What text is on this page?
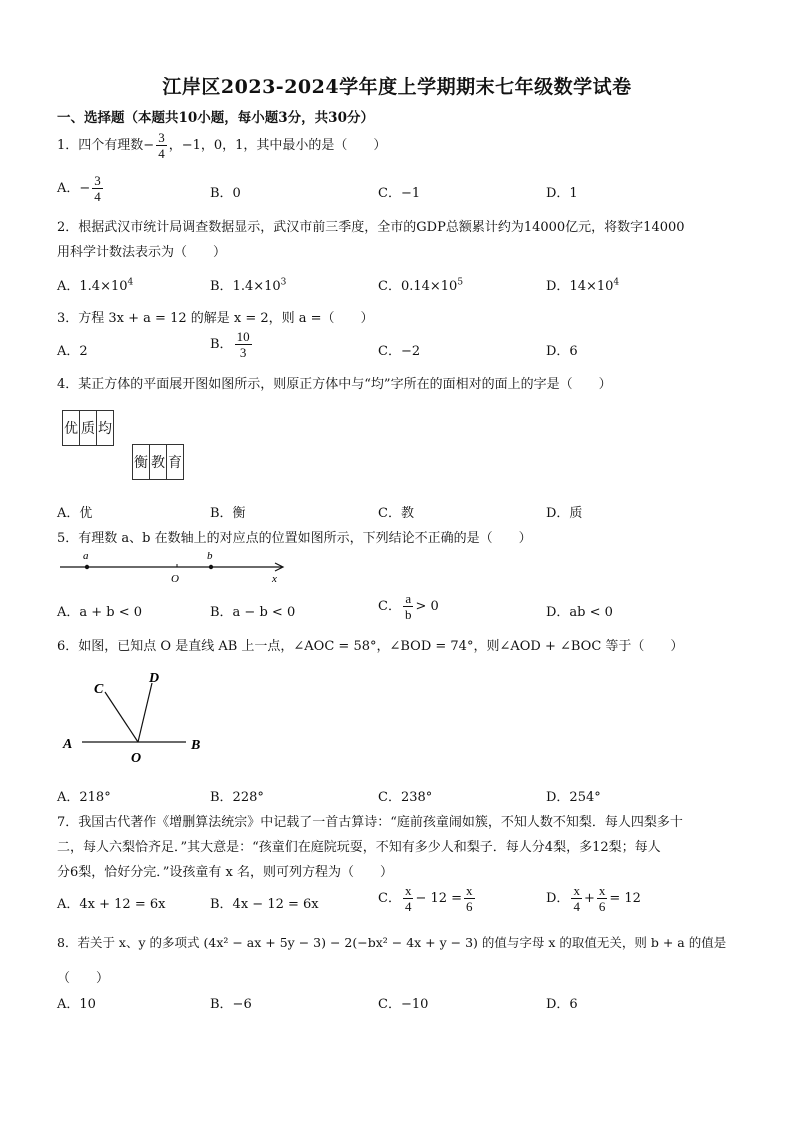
江岸区2023-2024学年度上学期期末七年级数学试卷
一、选择题（本题共10小题，每小题3分，共30分）
1．四个有理数− $\frac{3}{4}$ ，−1，0，1，其中最小的是（　　）
A．− $\frac{3}{4}$	B．0	C．−1	D．1
2．根据武汉市统计局调查数据显示，武汉市前三季度，全市的GDP总额累计约为14000亿元，将数字14000
用科学计数法表示为（　　）
A．$1.4\times 10^4$	B．$1.4\times 10^3$	C．$0.14\times 10^5$	D．$14\times 10^4$
3．方程 3x + a = 12 的解是 x = 2，则 a =（　　）
A．2	B． $\frac{10}{3}$	C．−2	D．6
4．某正方体的平面展开图如图所示，则原正方体中与“均”字所在的面相对的面上的字是（　　）
优	质	均
衡	教	育
A．优	B．衡	C．教	D．质
5．有理数 a、b 在数轴上的对应点的位置如图所示，下列结论不正确的是（　　）
a	b
O	x
A．a + b < 0	B．a − b < 0	C． $\frac{a}{b} > 0$	D．ab < 0
6．如图，已知点 O 是直线 AB 上一点，∠AOC = 58°，∠BOD = 74°，则∠AOD + ∠BOC 等于（　　）
A	B
C
D
O
A．218°	B．228°	C．238°	D．254°
7．我国古代著作《增删算法统宗》中记载了一首古算诗：“庭前孩童闹如簇，不知人数不知梨．每人四梨多十
二，每人六梨恰齐足．”其大意是：“孩童们在庭院玩耍，不知有多少人和梨子．每人分4梨，多12梨；每人
分6梨，恰好分完．”设孩童有 x 名，则可列方程为（　　）
A．4x + 12 = 6x	B．4x − 12 = 6x	C． $\frac{x}{4} - 12 = \frac{x}{6}$	D． $\frac{x}{4} + \frac{x}{6} = 12$
8．若关于 x、y 的多项式 (4x² − ax + 5y − 3) − 2(−bx² − 4x + y − 3) 的值与字母 x 的取值无关，则 b + a 的值是
（　　）
A．10	B．−6	C．−10	D．6
